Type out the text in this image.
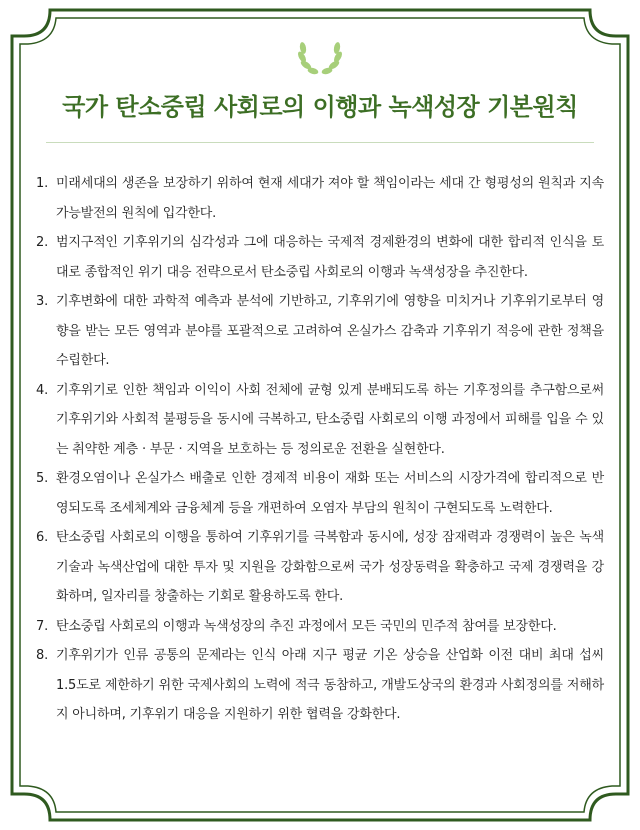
국가 탄소중립 사회로의 이행과 녹색성장 기본원칙
1. 미래세대의 생존을 보장하기 위하여 현재 세대가 져야 할 책임이라는 세대 간 형평성의 원칙과 지속가능발전의 원칙에 입각한다.
2. 범지구적인 기후위기의 심각성과 그에 대응하는 국제적 경제환경의 변화에 대한 합리적 인식을 토대로 종합적인 위기 대응 전략으로서 탄소중립 사회로의 이행과 녹색성장을 추진한다.
3. 기후변화에 대한 과학적 예측과 분석에 기반하고, 기후위기에 영향을 미치거나 기후위기로부터 영향을 받는 모든 영역과 분야를 포괄적으로 고려하여 온실가스 감축과 기후위기 적응에 관한 정책을 수립한다.
4. 기후위기로 인한 책임과 이익이 사회 전체에 균형 있게 분배되도록 하는 기후정의를 추구함으로써 기후위기와 사회적 불평등을 동시에 극복하고, 탄소중립 사회로의 이행 과정에서 피해를 입을 수 있는 취약한 계층 · 부문 · 지역을 보호하는 등 정의로운 전환을 실현한다.
5. 환경오염이나 온실가스 배출로 인한 경제적 비용이 재화 또는 서비스의 시장가격에 합리적으로 반영되도록 조세체계와 금융체계 등을 개편하여 오염자 부담의 원칙이 구현되도록 노력한다.
6. 탄소중립 사회로의 이행을 통하여 기후위기를 극복함과 동시에, 성장 잠재력과 경쟁력이 높은 녹색기술과 녹색산업에 대한 투자 및 지원을 강화함으로써 국가 성장동력을 확충하고 국제 경쟁력을 강화하며, 일자리를 창출하는 기회로 활용하도록 한다.
7. 탄소중립 사회로의 이행과 녹색성장의 추진 과정에서 모든 국민의 민주적 참여를 보장한다.
8. 기후위기가 인류 공통의 문제라는 인식 아래 지구 평균 기온 상승을 산업화 이전 대비 최대 섭씨 1.5도로 제한하기 위한 국제사회의 노력에 적극 동참하고, 개발도상국의 환경과 사회정의를 저해하지 아니하며, 기후위기 대응을 지원하기 위한 협력을 강화한다.
